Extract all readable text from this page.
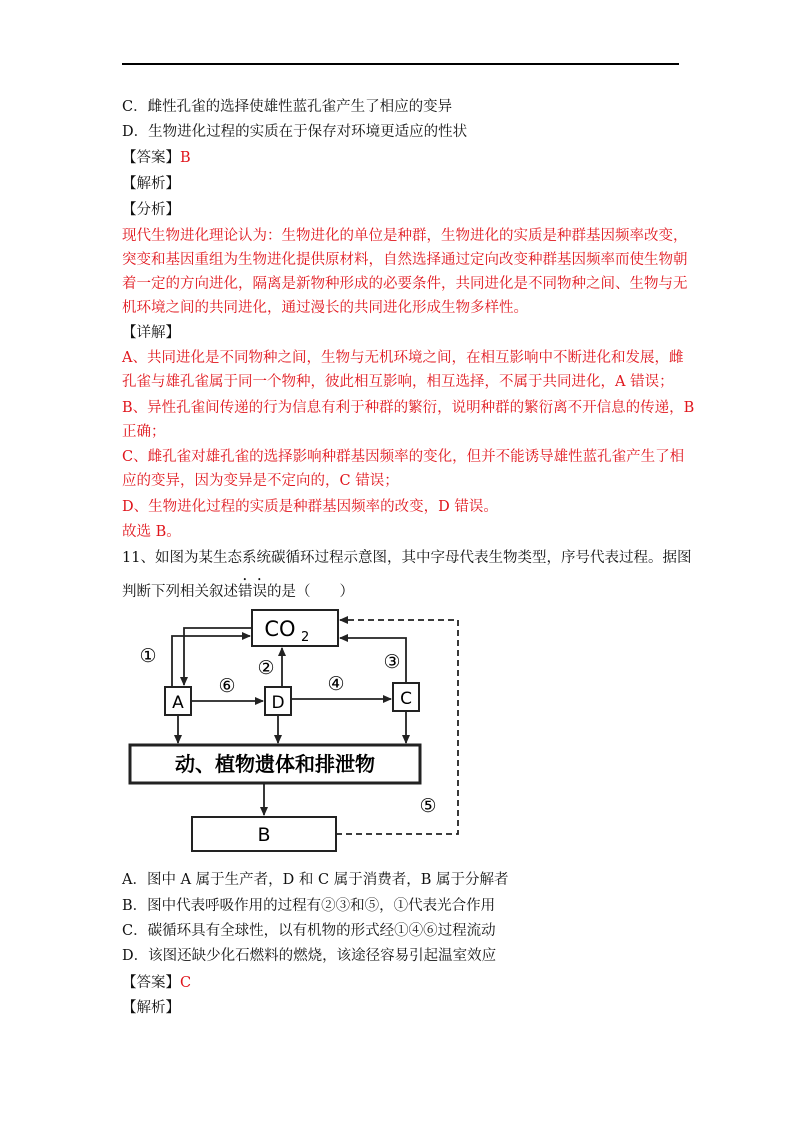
C．雌性孔雀的选择使雄性蓝孔雀产生了相应的变异
D．生物进化过程的实质在于保存对环境更适应的性状
【答案】B
【解析】
【分析】
现代生物进化理论认为：生物进化的单位是种群，生物进化的实质是种群基因频率改变，
突变和基因重组为生物进化提供原材料，自然选择通过定向改变种群基因频率而使生物朝
着一定的方向进化，隔离是新物种形成的必要条件，共同进化是不同物种之间、生物与无
机环境之间的共同进化，通过漫长的共同进化形成生物多样性。
【详解】
A、共同进化是不同物种之间，生物与无机环境之间，在相互影响中不断进化和发展，雌
孔雀与雄孔雀属于同一个物种，彼此相互影响，相互选择，不属于共同进化，A 错误；
B、异性孔雀间传递的行为信息有利于种群的繁衍，说明种群的繁衍离不开信息的传递，B
正确；
C、雌孔雀对雄孔雀的选择影响种群基因频率的变化，但并不能诱导雄性蓝孔雀产生了相
应的变异，因为变异是不定向的，C 错误；
D、生物进化过程的实质是种群基因频率的改变，D 错误。
故选 B。
11、如图为某生态系统碳循环过程示意图，其中字母代表生物类型，序号代表过程。据图
判断下列相关叙述错误的是（　　）
CO 2
A	D	C
动、植物遗体和排泄物
B
①
⑥
②
④
③
⑤
A．图中 A 属于生产者，D 和 C 属于消费者，B 属于分解者
B．图中代表呼吸作用的过程有②③和⑤，①代表光合作用
C．碳循环具有全球性，以有机物的形式经①④⑥过程流动
D．该图还缺少化石燃料的燃烧，该途径容易引起温室效应
【答案】C
【解析】
